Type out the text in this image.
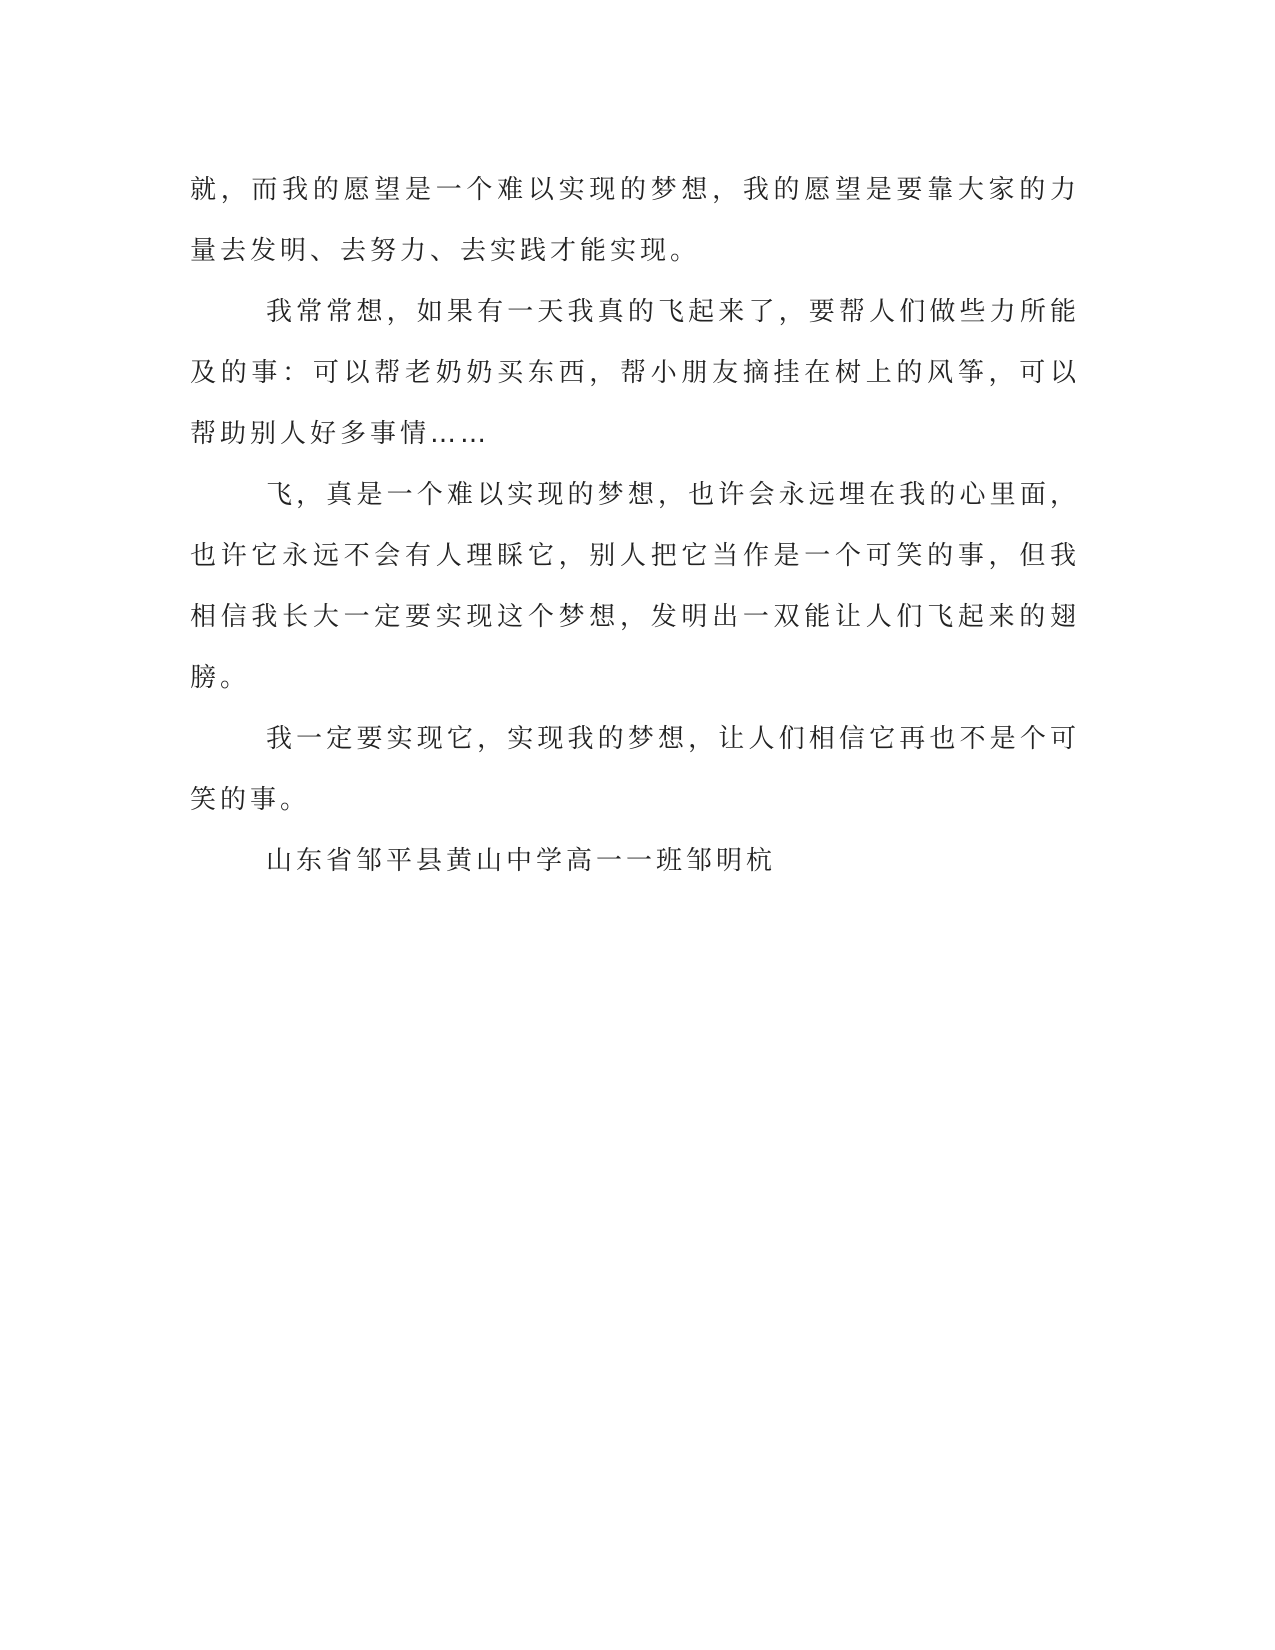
就，而我的愿望是一个难以实现的梦想，我的愿望是要靠大家的力量去发明、去努力、去实践才能实现。

我常常想，如果有一天我真的飞起来了，要帮人们做些力所能及的事：可以帮老奶奶买东西，帮小朋友摘挂在树上的风筝，可以帮助别人好多事情……

飞，真是一个难以实现的梦想，也许会永远埋在我的心里面，也许它永远不会有人理睬它，别人把它当作是一个可笑的事，但我相信我长大一定要实现这个梦想，发明出一双能让人们飞起来的翅膀。

我一定要实现它，实现我的梦想，让人们相信它再也不是个可笑的事。

山东省邹平县黄山中学高一一班邹明杭
